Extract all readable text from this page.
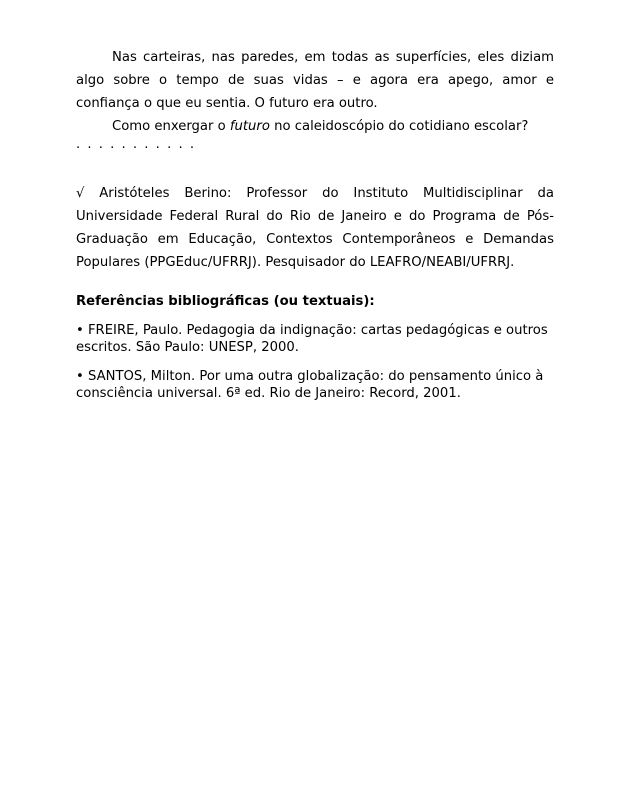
Nas carteiras, nas paredes, em todas as superfícies, eles diziam algo sobre o tempo de suas vidas – e agora era apego, amor e confiança o que eu sentia. O futuro era outro.

Como enxergar o futuro no caleidoscópio do cotidiano escolar?

. . . . . . . . . . .

√ Aristóteles Berino: Professor do Instituto Multidisciplinar da Universidade Federal Rural do Rio de Janeiro e do Programa de Pós-Graduação em Educação, Contextos Contemporâneos e Demandas Populares (PPGEduc/UFRRJ). Pesquisador do LEAFRO/NEABI/UFRRJ.

Referências bibliográficas (ou textuais):

• FREIRE, Paulo. Pedagogia da indignação: cartas pedagógicas e outros escritos. São Paulo: UNESP, 2000.

• SANTOS, Milton. Por uma outra globalização: do pensamento único à consciência universal. 6ª ed. Rio de Janeiro: Record, 2001.
